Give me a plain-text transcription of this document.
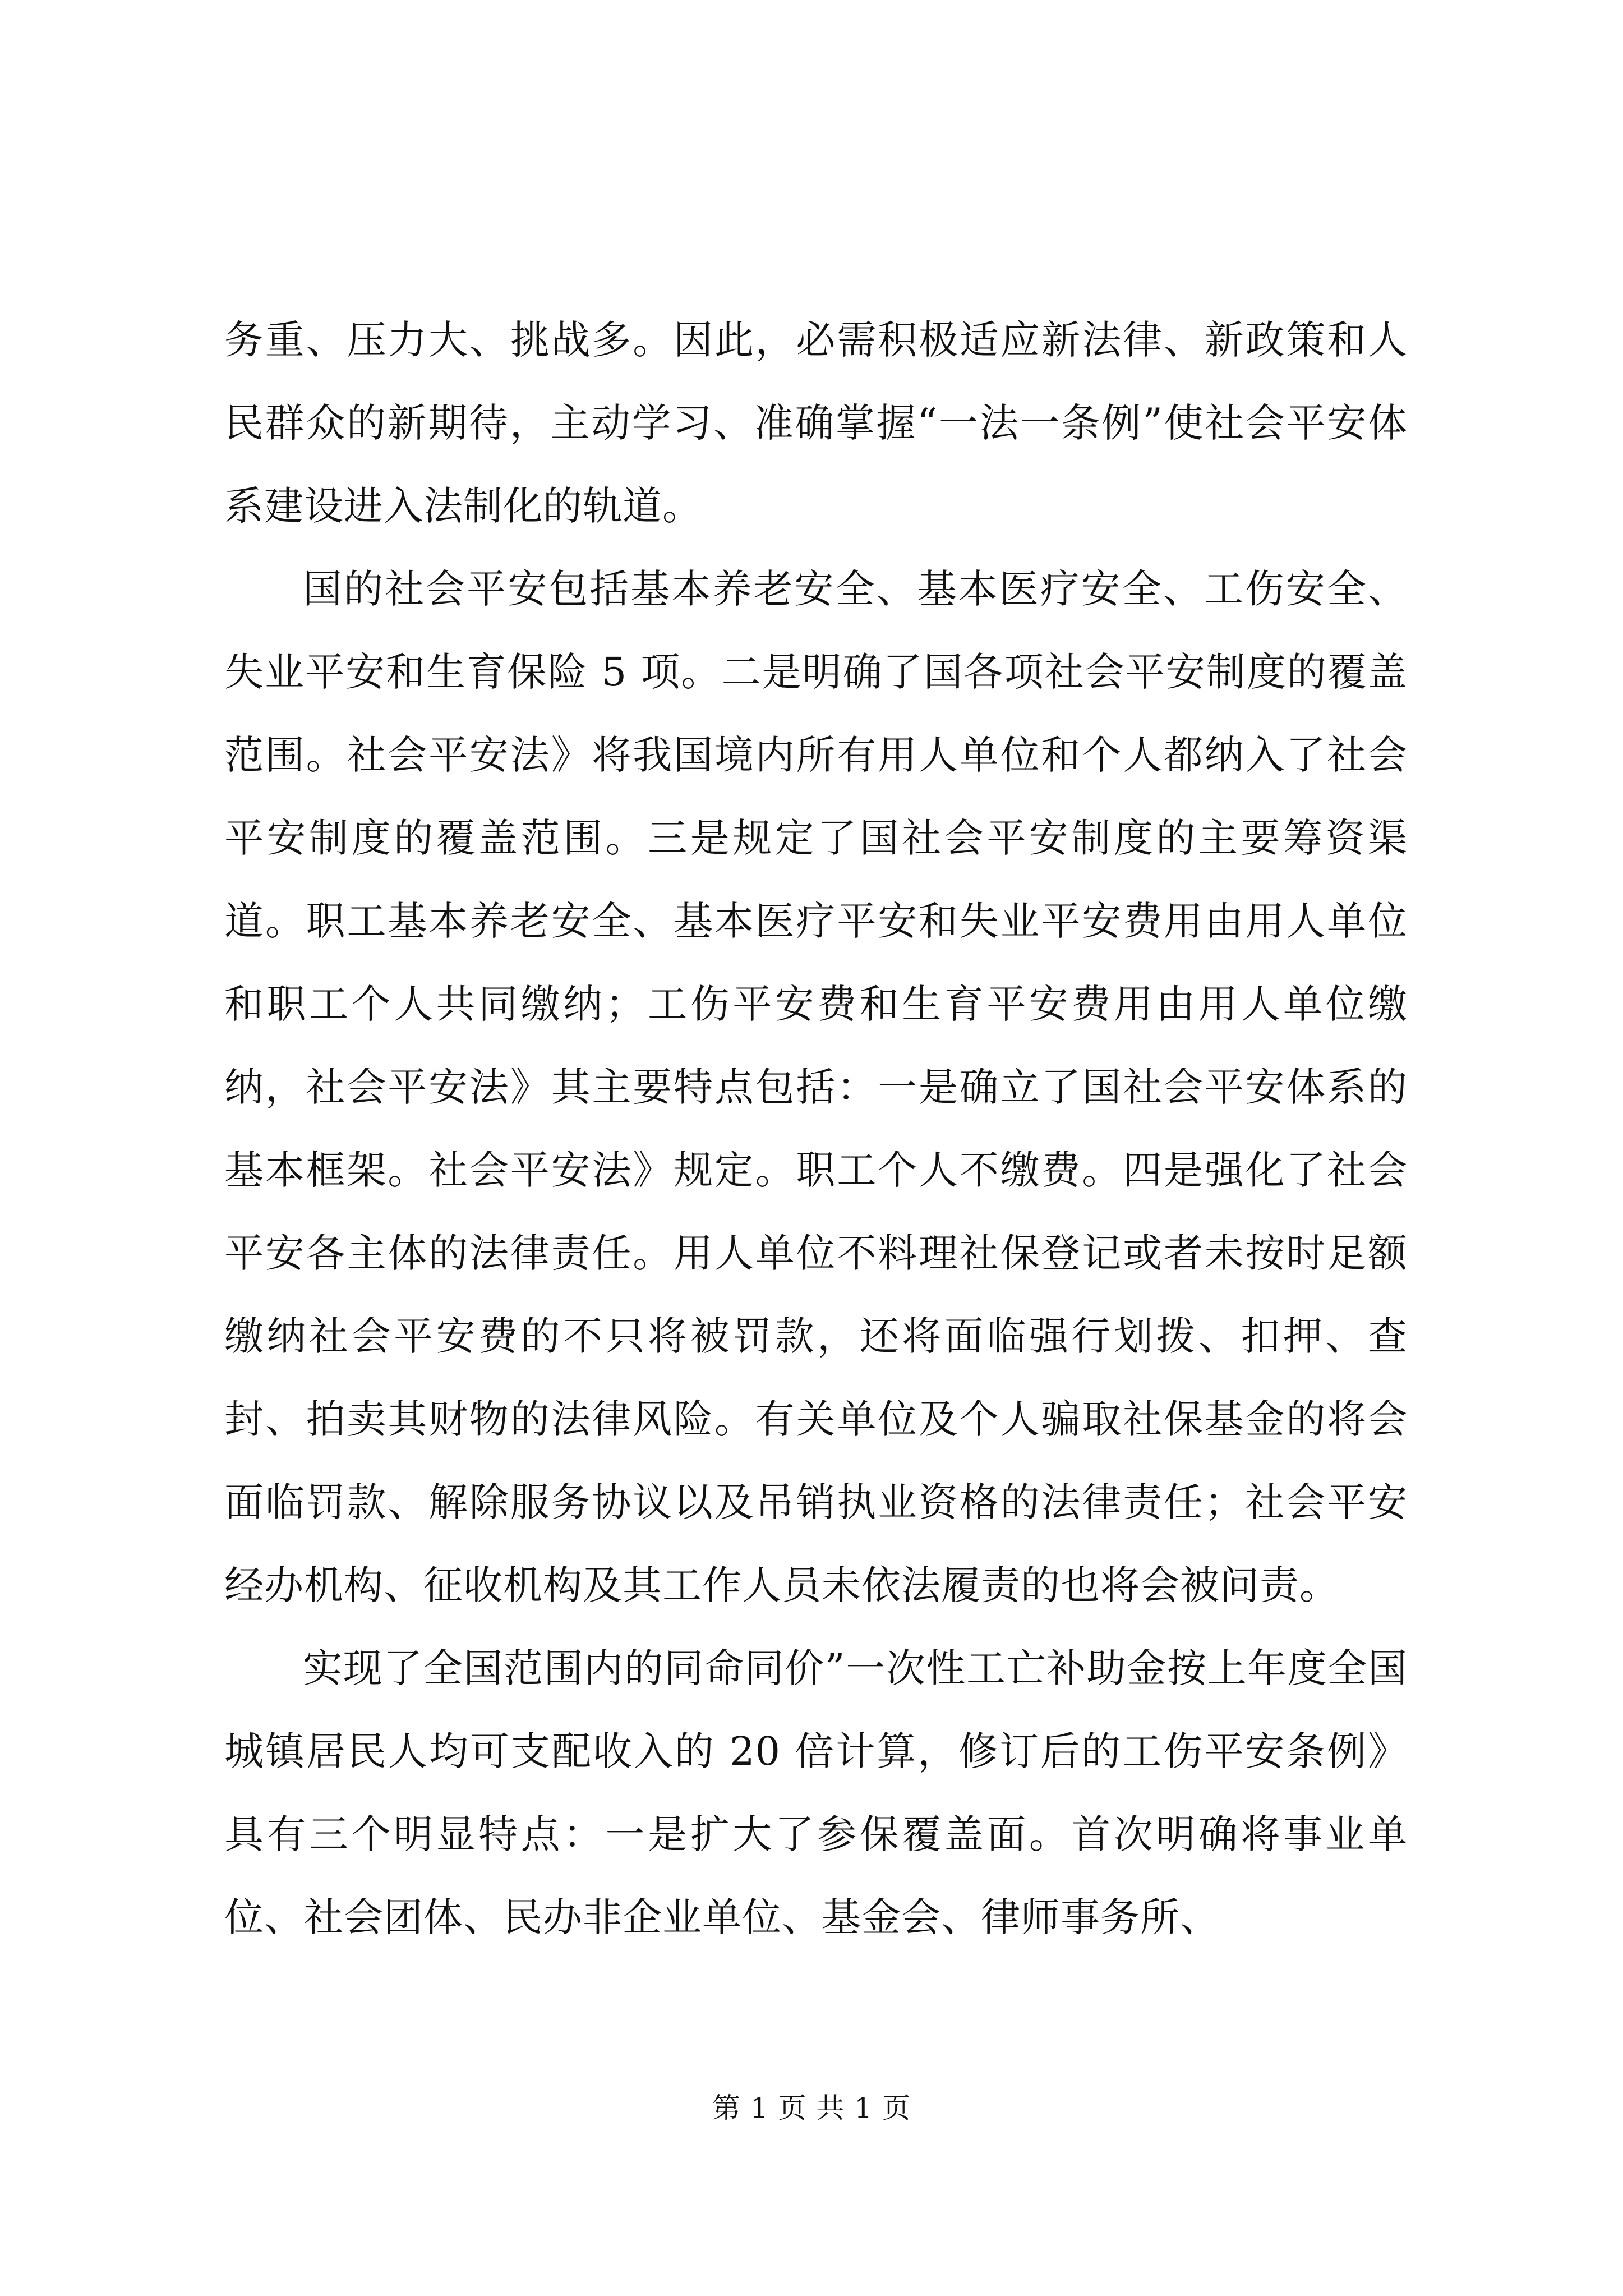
务重、压力大、挑战多。因此，必需积极适应新法律、新政策和人民群众的新期待，主动学习、准确掌握“一法一条例”使社会平安体系建设进入法制化的轨道。

国的社会平安包括基本养老安全、基本医疗安全、工伤安全、失业平安和生育保险 5 项。二是明确了国各项社会平安制度的覆盖范围。社会平安法》将我国境内所有用人单位和个人都纳入了社会平安制度的覆盖范围。三是规定了国社会平安制度的主要筹资渠道。职工基本养老安全、基本医疗平安和失业平安费用由用人单位和职工个人共同缴纳；工伤平安费和生育平安费用由用人单位缴纳，社会平安法》其主要特点包括：一是确立了国社会平安体系的基本框架。社会平安法》规定。职工个人不缴费。四是强化了社会平安各主体的法律责任。用人单位不料理社保登记或者未按时足额缴纳社会平安费的不只将被罚款，还将面临强行划拨、扣押、查封、拍卖其财物的法律风险。有关单位及个人骗取社保基金的将会面临罚款、解除服务协议以及吊销执业资格的法律责任；社会平安经办机构、征收机构及其工作人员未依法履责的也将会被问责。

实现了全国范围内的同命同价”一次性工亡补助金按上年度全国城镇居民人均可支配收入的 20 倍计算，修订后的工伤平安条例》具有三个明显特点：一是扩大了参保覆盖面。首次明确将事业单位、社会团体、民办非企业单位、基金会、律师事务所、

第 1 页 共 1 页
